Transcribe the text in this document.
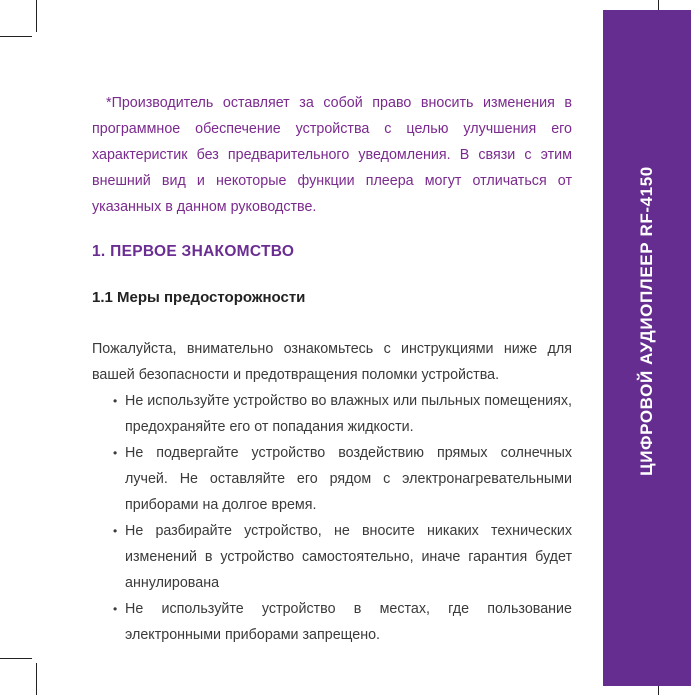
ЦИФРОВОЙ АУДИОПЛЕЕР RF-4150

*Производитель оставляет за собой право вносить изменения в программное обеспечение устройства с целью улучшения его характеристик без предварительного уведомления. В связи с этим внешний вид и некоторые функции плеера могут отличаться от указанных в данном руководстве.

1. ПЕРВОЕ ЗНАКОМСТВО
1.1 Меры предосторожности

Пожалуйста, внимательно ознакомьтесь с инструкциями ниже для вашей безопасности и предотвращения поломки устройства.

• Не используйте устройство во влажных или пыльных помещениях, предохраняйте его от попадания жидкости.
• Не подвергайте устройство воздействию прямых солнечных лучей. Не оставляйте его рядом с электронагревательными приборами на долгое время.
• Не разбирайте устройство, не вносите никаких технических изменений в устройство самостоятельно, иначе гарантия будет аннулирована
• Не используйте устройство в местах, где пользование электронными приборами запрещено.
